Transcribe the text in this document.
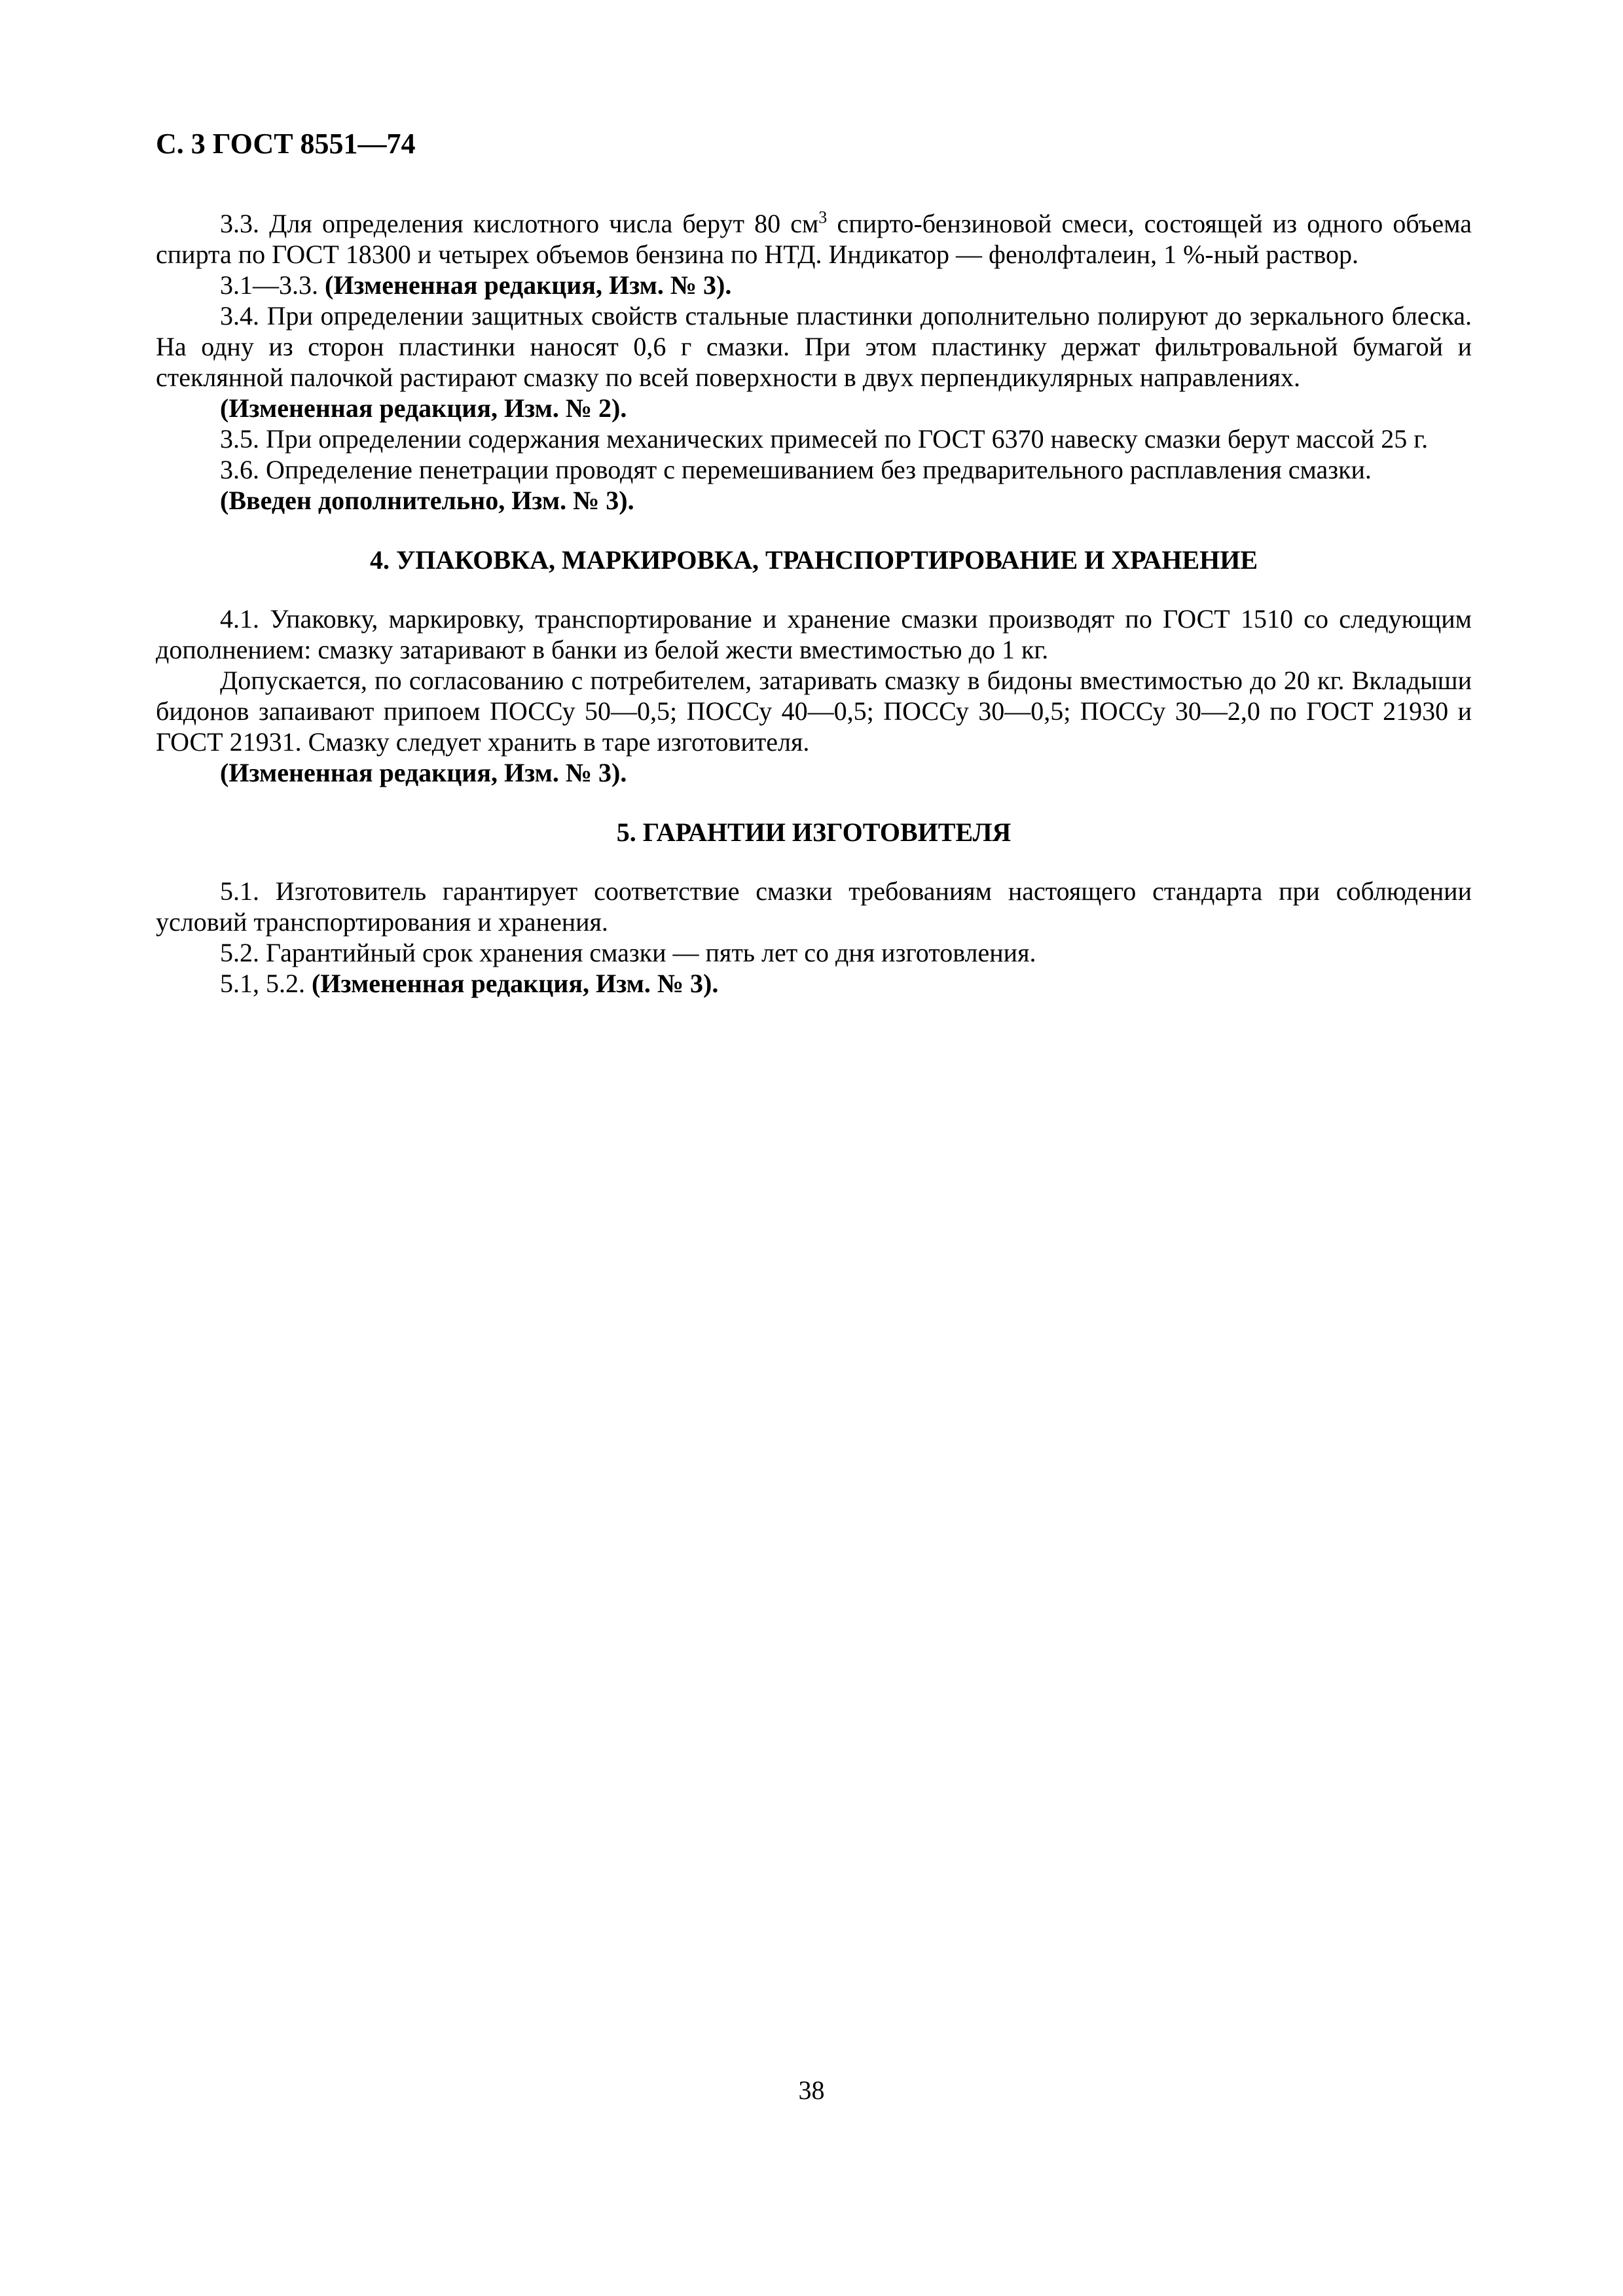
С. 3 ГОСТ 8551—74

3.3. Для определения кислотного числа берут 80 $см^3$ спирто-бензиновой смеси, состоящей из одного объема спирта по ГОСТ 18300 и четырех объемов бензина по НТД. Индикатор — фенолфталеин, 1 %-ный раствор.

3.1—3.3. (Измененная редакция, Изм. № 3).

3.4. При определении защитных свойств стальные пластинки дополнительно полируют до зеркального блеска. На одну из сторон пластинки наносят 0,6 г смазки. При этом пластинку держат фильтровальной бумагой и стеклянной палочкой растирают смазку по всей поверхности в двух перпендикулярных направлениях.

(Измененная редакция, Изм. № 2).

3.5. При определении содержания механических примесей по ГОСТ 6370 навеску смазки берут массой 25 г.

3.6. Определение пенетрации проводят с перемешиванием без предварительного расплавления смазки.

(Введен дополнительно, Изм. № 3).

4. УПАКОВКА, МАРКИРОВКА, ТРАНСПОРТИРОВАНИЕ И ХРАНЕНИЕ

4.1. Упаковку, маркировку, транспортирование и хранение смазки производят по ГОСТ 1510 со следующим дополнением: смазку затаривают в банки из белой жести вместимостью до 1 кг.

Допускается, по согласованию с потребителем, затаривать смазку в бидоны вместимостью до 20 кг. Вкладыши бидонов запаивают припоем ПОССу 50—0,5; ПОССу 40—0,5; ПОССу 30—0,5; ПОССу 30—2,0 по ГОСТ 21930 и ГОСТ 21931. Смазку следует хранить в таре изготовителя.

(Измененная редакция, Изм. № 3).

5. ГАРАНТИИ ИЗГОТОВИТЕЛЯ

5.1. Изготовитель гарантирует соответствие смазки требованиям настоящего стандарта при соблюдении условий транспортирования и хранения.

5.2. Гарантийный срок хранения смазки — пять лет со дня изготовления.

5.1, 5.2. (Измененная редакция, Изм. № 3).

38
